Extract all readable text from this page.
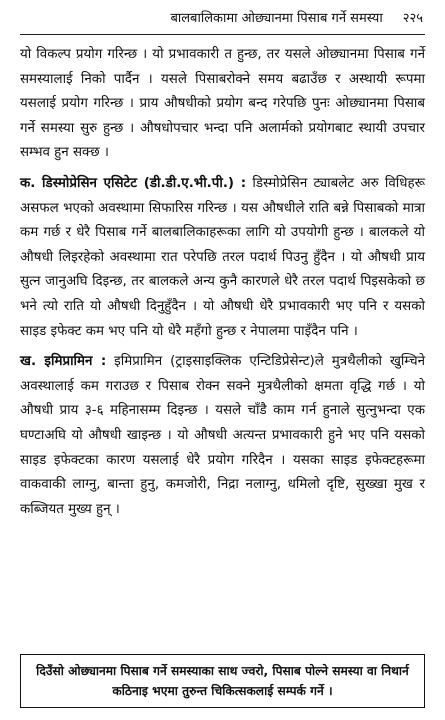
बालबालिकामा ओछ्यानमा पिसाब गर्ने समस्या २२५

यो विकल्प प्रयोग गरिन्छ । यो प्रभावकारी त हुन्छ, तर यसले ओछ्यानमा पिसाब गर्ने समस्यालाई निको पार्दैन । यसले पिसाबरोक्ने समय बढाउँछ र अस्थायी रूपमा यसलाई प्रयोग गरिन्छ । प्राय औषधीको प्रयोग बन्द गरेपछि पुनः ओछ्यानमा पिसाब गर्ने समस्या सुरु हुन्छ । औषधोपचार भन्दा पनि अलार्मको प्रयोगबाट स्थायी उपचार सम्भव हुन सक्छ ।

क. डिस्मोप्रेसिन एसिटेट (डी.डी.ए.भी.पी.) : डिस्मोप्रेसिन ट्याबलेट अरु विधिहरू असफल भएको अवस्थामा सिफारिस गरिन्छ । यस औषधीले राति बन्ने पिसाबको मात्रा कम गर्छ र धेरै पिसाब गर्ने बालबालिकाहरूका लागि यो उपयोगी हुन्छ । बालकले यो औषधी लिइरहेको अवस्थामा रात परेपछि तरल पदार्थ पिउनु हुँदैन । यो औषधी प्राय सुत्न जानुअघि दिइन्छ, तर बालकले अन्य कुनै कारणले धेरै तरल पदार्थ पिइसकेको छ भने त्यो राति यो औषधी दिनुहुँदैन । यो औषधी धेरै प्रभावकारी भए पनि र यसको साइड इफेक्ट कम भए पनि यो धेरै महँगो हुन्छ र नेपालमा पाइँदैन पनि ।

ख. इमिप्रामिन : इमिप्रामिन (ट्राइसाइक्लिक एन्टिडिप्रेसेन्ट)ले मुत्रथैलीको खुम्चिने अवस्थालाई कम गराउछ र पिसाब रोक्न सक्ने मुत्रथैलीको क्षमता वृद्धि गर्छ । यो औषधी प्राय ३-६ महिनासम्म दिइन्छ । यसले चाँडै काम गर्न हुनाले सुत्नुभन्दा एक घण्टाअघि यो औषधी खाइन्छ । यो औषधी अत्यन्त प्रभावकारी हुने भए पनि यसको साइड इफेक्टका कारण यसलाई धेरै प्रयोग गरिदैन । यसका साइड इफेक्टहरूमा वाकवाकी लाग्नु, बान्ता हुनु, कमजोरी, निद्रा नलाग्नु, धमिलो दृष्टि, सुख्खा मुख र कब्जियत मुख्य हुन् ।

दिउँसो ओछ्यानमा पिसाब गर्ने समस्याका साथ ज्वरो, पिसाब पोल्ने समस्या वा निथार्न कठिनाइ भएमा तुरुन्त चिकित्सकलाई सम्पर्क गर्ने ।
